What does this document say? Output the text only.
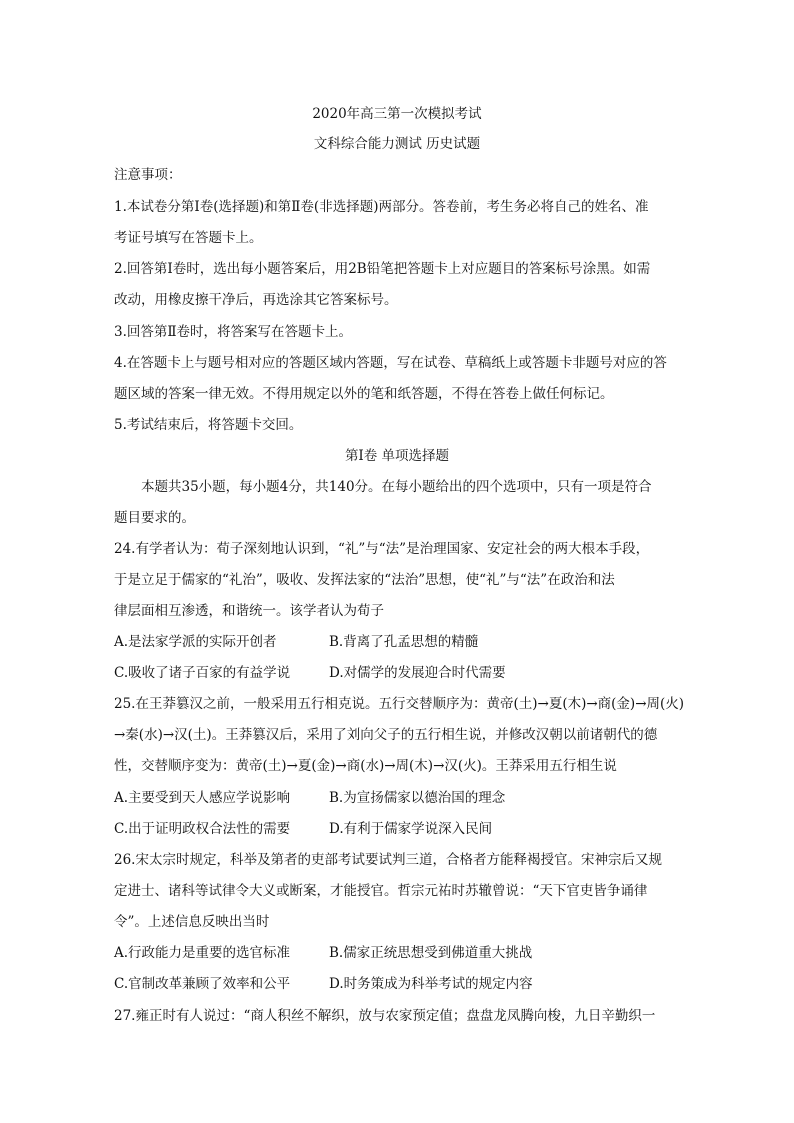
2020年高三第一次模拟考试
文科综合能力测试 历史试题
注意事项：
1.本试卷分第Ⅰ卷(选择题)和第Ⅱ卷(非选择题)两部分。答卷前，考生务必将自己的姓名、准
考证号填写在答题卡上。
2.回答第Ⅰ卷时，选出每小题答案后，用2B铅笔把答题卡上对应题目的答案标号涂黑。如需
改动，用橡皮擦干净后，再选涂其它答案标号。
3.回答第Ⅱ卷时，将答案写在答题卡上。
4.在答题卡上与题号相对应的答题区域内答题，写在试卷、草稿纸上或答题卡非题号对应的答
题区域的答案一律无效。不得用规定以外的笔和纸答题，不得在答卷上做任何标记。
5.考试结束后，将答题卡交回。
第Ⅰ卷 单项选择题
本题共35小题，每小题4分，共140分。在每小题给出的四个选项中，只有一项是符合
题目要求的。
24.有学者认为：荀子深刻地认识到，“礼”与“法”是治理国家、安定社会的两大根本手段，
于是立足于儒家的“礼治”，吸收、发挥法家的“法治”思想，使“礼”与“法”在政治和法
律层面相互渗透，和谐统一。该学者认为荀子
A.是法家学派的实际开创者	B.背离了孔孟思想的精髓
C.吸收了诸子百家的有益学说	D.对儒学的发展迎合时代需要
25.在王莽篡汉之前，一般采用五行相克说。五行交替顺序为：黄帝(土)→夏(木)→商(金)→周(火)
→秦(水)→汉(土)。王莽篡汉后，采用了刘向父子的五行相生说，并修改汉朝以前诸朝代的德
性，交替顺序变为：黄帝(土)→夏(金)→商(水)→周(木)→汉(火)。王莽采用五行相生说
A.主要受到天人感应学说影响	B.为宣扬儒家以德治国的理念
C.出于证明政权合法性的需要	D.有利于儒家学说深入民间
26.宋太宗时规定，科举及第者的吏部考试要试判三道，合格者方能释褐授官。宋神宗后又规
定进士、诸科等试律令大义或断案，才能授官。哲宗元祐时苏辙曾说：“天下官吏皆争诵律
令”。上述信息反映出当时
A.行政能力是重要的选官标准	B.儒家正统思想受到佛道重大挑战
C.官制改革兼顾了效率和公平	D.时务策成为科举考试的规定内容
27.雍正时有人说过：“商人积丝不解织，放与农家预定值；盘盘龙凤腾向梭，九日辛勤织一
